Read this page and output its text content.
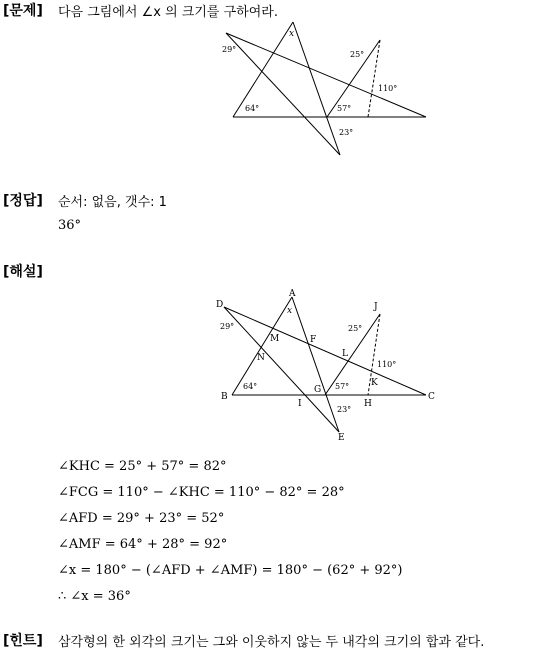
[문제] 다음 그림에서 ∠x 의 크기를 구하여라.
x
29°
25°
110°
64°	57°
23°
[정답] 순서: 없음, 갯수: 1
36°
[해설]
A
B	C
D
E
F
G
H
I
J
K
L
M
N
x
29°	25°
110°
64°	57°
23°
∠KHC = 25° + 57° = 82°
∠FCG = 110° − ∠KHC = 110° − 82° = 28°
∠AFD = 29° + 23° = 52°
∠AMF = 64° + 28° = 92°
∠x = 180° − (∠AFD + ∠AMF) = 180° − (62° + 92°)
∴ ∠x = 36°
[힌트] 삼각형의 한 외각의 크기는 그와 이웃하지 않는 두 내각의 크기의 합과 같다.
